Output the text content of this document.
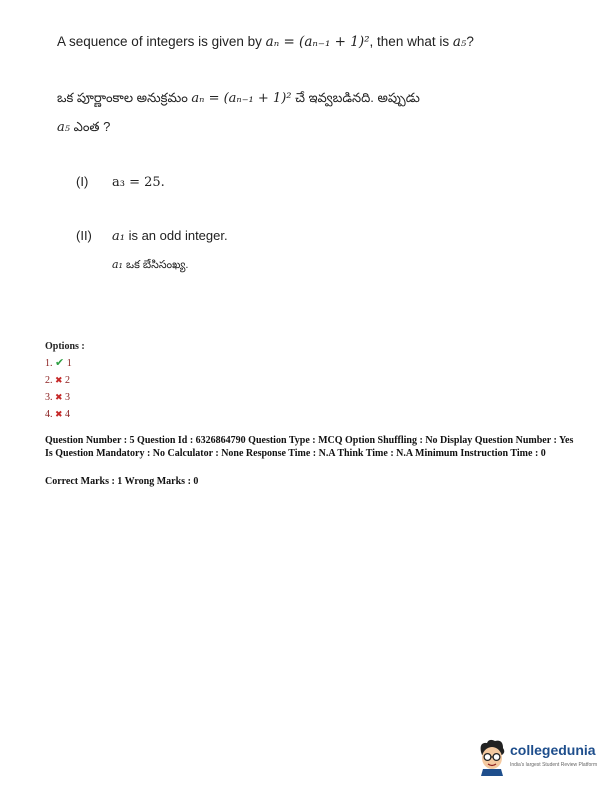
A sequence of integers is given by aₙ = (aₙ₋₁ + 1)², then what is a₅?
ఒక పూర్ణాంకాల అనుక్రమం aₙ = (aₙ₋₁ + 1)² చే ఇవ్వబడినది. అప్పుడు
a₅ ఎంత ?
(I) a₃ = 25.
(II) a₁ is an odd integer.
a₁ ఒక బేసిసంఖ్య.
Options :
1. ✔ 1
2. ✖ 2
3. ✖ 3
4. ✖ 4
Question Number : 5 Question Id : 6326864790 Question Type : MCQ Option Shuffling : No Display Question Number : Yes Is Question Mandatory : No Calculator : None Response Time : N.A Think Time : N.A Minimum Instruction Time : 0
Correct Marks : 1 Wrong Marks : 0
collegedunia
India's largest Student Review Platform
